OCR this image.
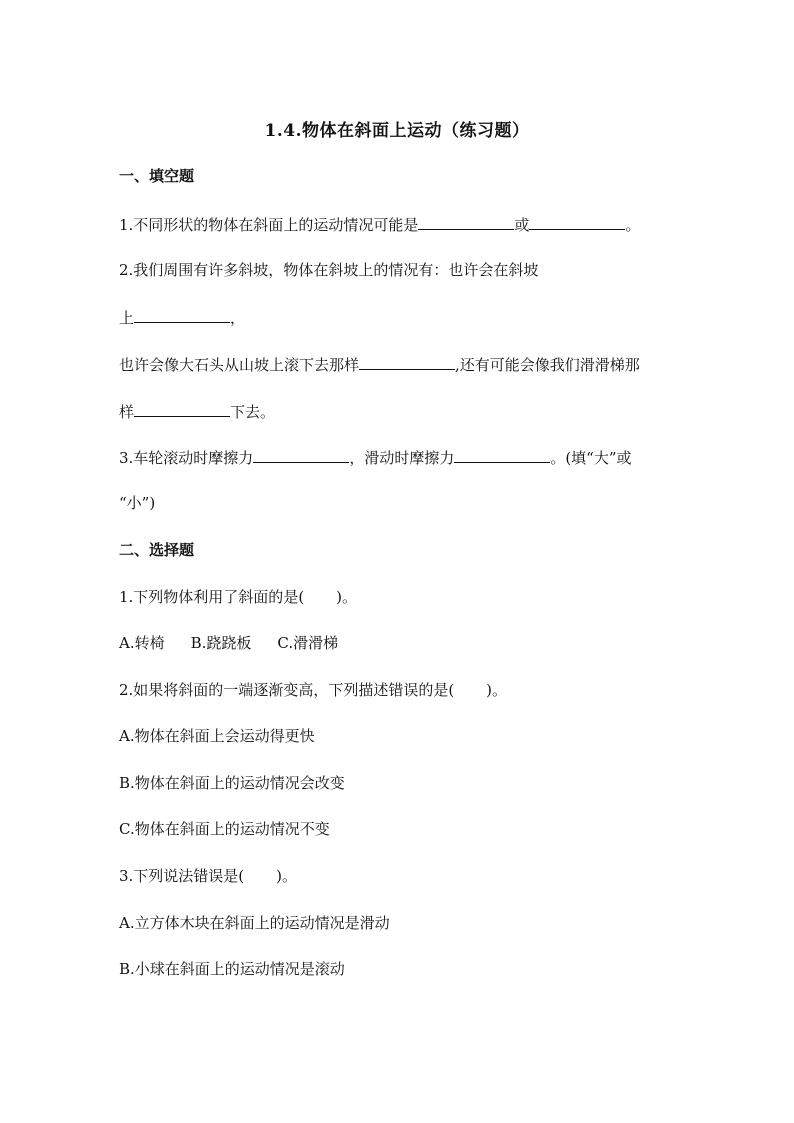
1.4.物体在斜面上运动（练习题）
一、填空题
1.不同形状的物体在斜面上的运动情况可能是	或	。
2.我们周围有许多斜坡，物体在斜坡上的情况有：也许会在斜坡
上	，
也许会像大石头从山坡上滚下去那样	,还有可能会像我们滑滑梯那
样	下去。
3.车轮滚动时摩擦力	，滑动时摩擦力	。(填“大”或
“小”)
二、选择题
1.下列物体利用了斜面的是( )。
A.转椅 B.跷跷板 C.滑滑梯
2.如果将斜面的一端逐渐变高，下列描述错误的是( )。
A.物体在斜面上会运动得更快
B.物体在斜面上的运动情况会改变
C.物体在斜面上的运动情况不变
3.下列说法错误是( )。
A.立方体木块在斜面上的运动情况是滑动
B.小球在斜面上的运动情况是滚动
